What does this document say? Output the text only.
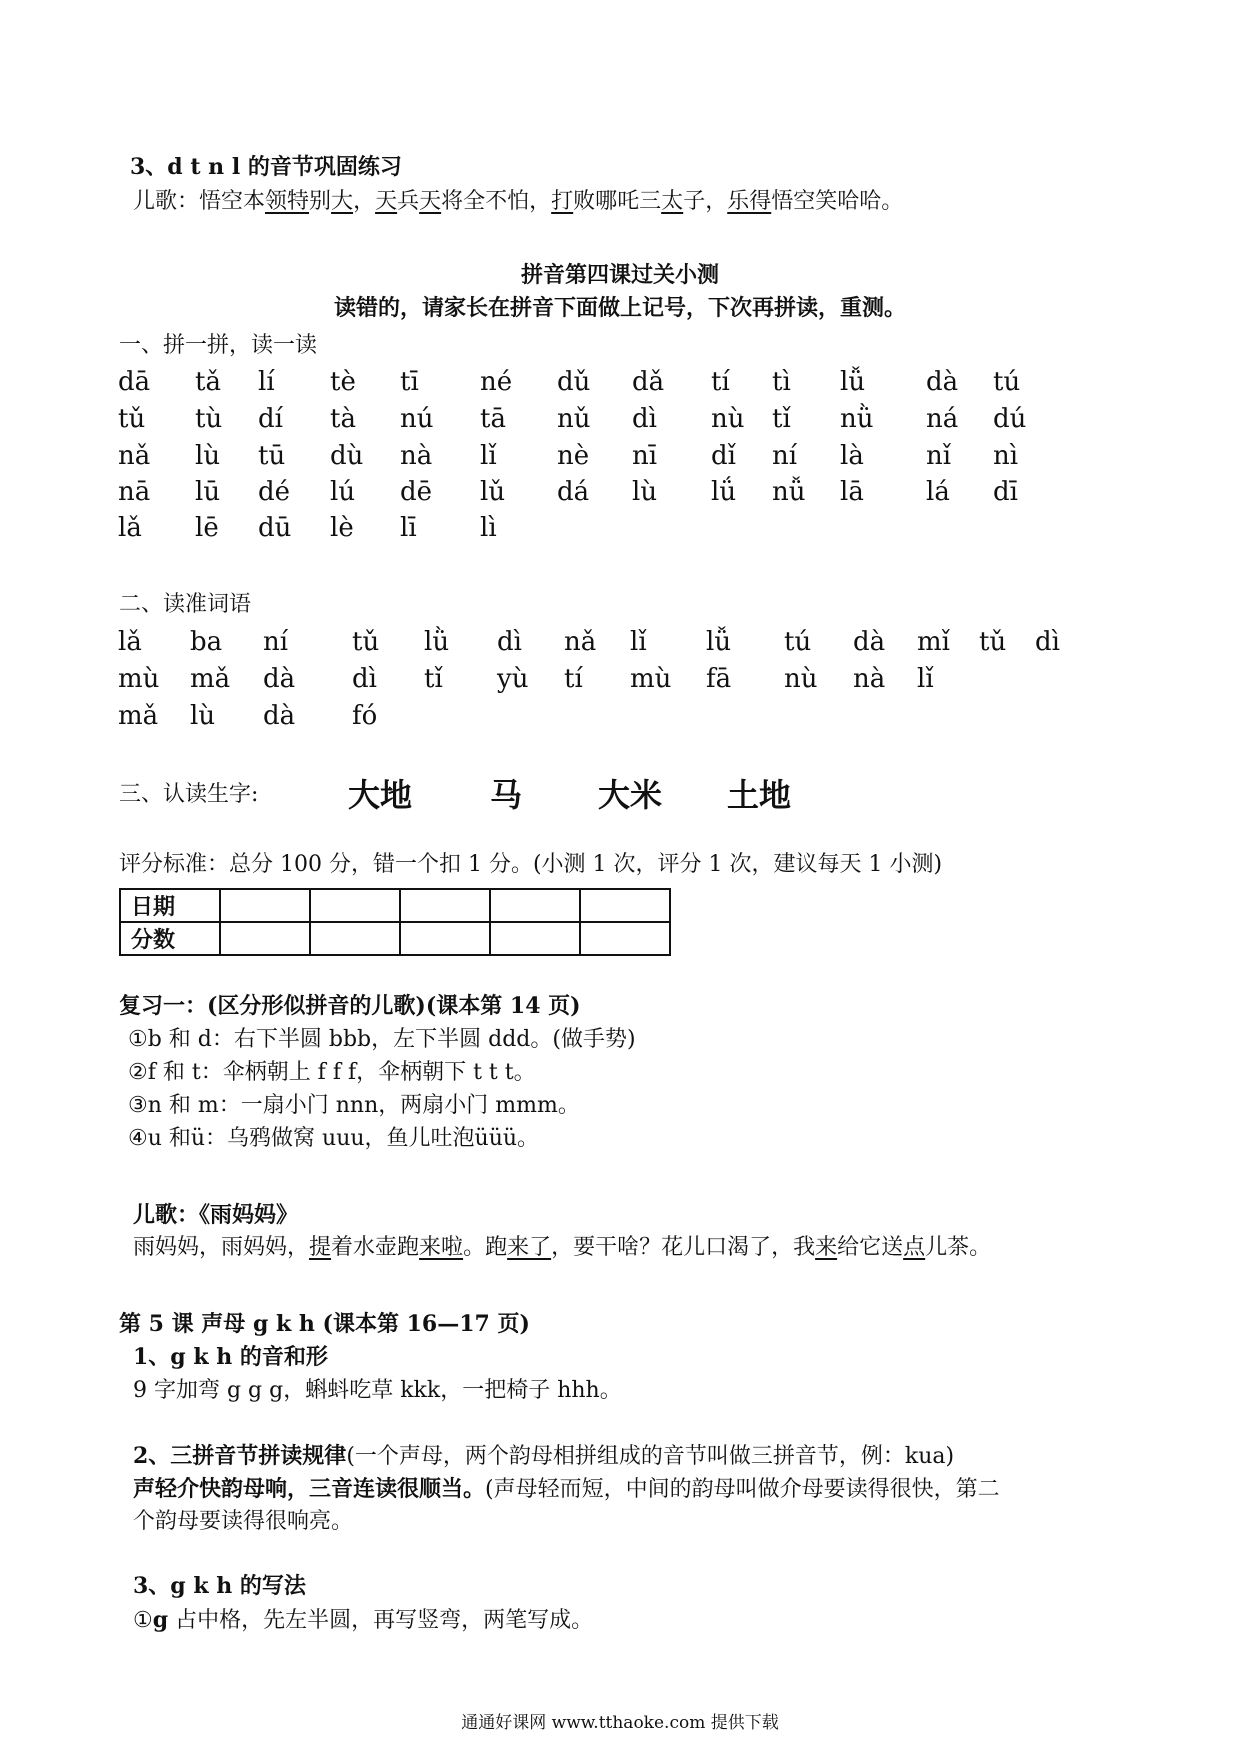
3、d t n l 的音节巩固练习
儿歌：悟空本领特别大，天兵天将全不怕，打败哪吒三太子，乐得悟空笑哈哈。
拼音第四课过关小测
读错的，请家长在拼音下面做上记号，下次再拼读，重测。
一、拼一拼，读一读
dā tǎ lí tè tī né dǔ dǎ tí tì lǚ dà tú
tǔ tù dí tà nú tā nǔ dì nù tǐ nǜ ná dú
nǎ lù tū dù nà lǐ nè nī dǐ ní là nǐ nì
nā lū dé lú dē lǔ dá lù lǘ nǚ lā lá dī
lǎ lē dū lè lī lì
二、读准词语
lǎ ba ní tǔ lǜ dì nǎ lǐ lǚ tú dà mǐ tǔ dì
mù mǎ dà dì tǐ yù tí mù fā nù nà lǐ
mǎ lù dà fó
三、认读生字:	大地 马 大米 土地
评分标准：总分 100 分，错一个扣 1 分。(小测 1 次，评分 1 次，建议每天 1 小测)
日期					
分数					
复习一：(区分形似拼音的儿歌)(课本第 14 页)
①b 和 d：右下半圆 bbb，左下半圆 ddd。(做手势)
②f 和 t：伞柄朝上 f f f，伞柄朝下 t t t。
③n 和 m：一扇小门 nnn，两扇小门 mmm。
④u 和ü：乌鸦做窝 uuu，鱼儿吐泡üüü。
儿歌：《雨妈妈》
雨妈妈，雨妈妈，提着水壶跑来啦。跑来了，要干啥？花儿口渴了，我来给它送点儿茶。
第 5 课 声母 g k h (课本第 16—17 页)
1、g k h 的音和形
9 字加弯 g g g，蝌蚪吃草 kkk，一把椅子 hhh。
2、三拼音节拼读规律(一个声母，两个韵母相拼组成的音节叫做三拼音节，例：kua)
声轻介快韵母响，三音连读很顺当。(声母轻而短，中间的韵母叫做介母要读得很快，第二
个韵母要读得很响亮。
3、g k h 的写法
①g 占中格，先左半圆，再写竖弯，两笔写成。
通通好课网 www.tthaoke.com 提供下载
